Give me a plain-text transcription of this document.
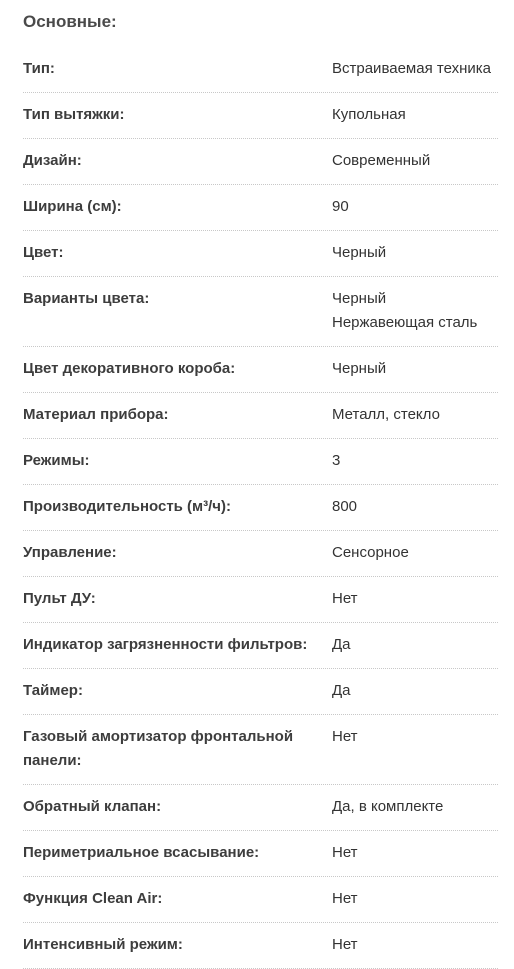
Основные:
Тип:	Встраиваемая техника
Тип вытяжки:	Купольная
Дизайн:	Современный
Ширина (см):	90
Цвет:	Черный
Варианты цвета:	Черный
Нержавеющая сталь
Цвет декоративного короба:	Черный
Материал прибора:	Металл, стекло
Режимы:	3
Производительность (м³/ч):	800
Управление:	Сенсорное
Пульт ДУ:	Нет
Индикатор загрязненности фильтров:	Да
Таймер:	Да
Газовый амортизатор фронтальной панели:
Нет
Обратный клапан:	Да, в комплекте
Периметриальное всасывание:	Нет
Функция Clean Air:	Нет
Интенсивный режим:	Нет
